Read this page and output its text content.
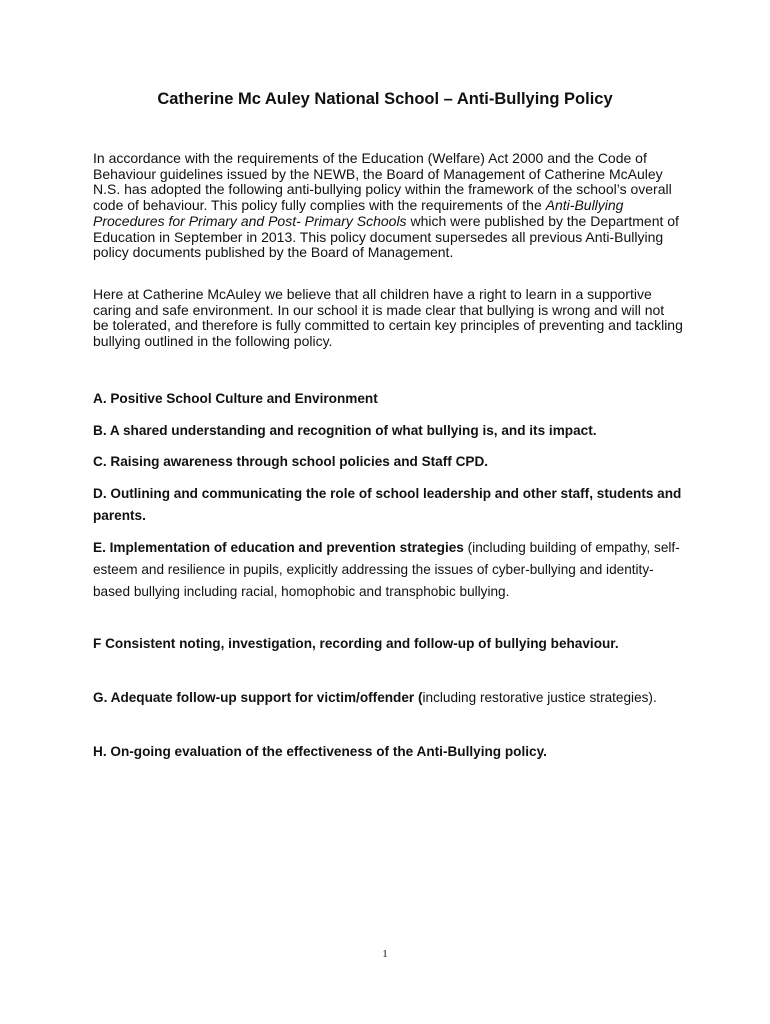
Catherine Mc Auley National School – Anti-Bullying Policy

In accordance with the requirements of the Education (Welfare) Act 2000 and the Code of Behaviour guidelines issued by the NEWB, the Board of Management of Catherine McAuley N.S. has adopted the following anti-bullying policy within the framework of the school’s overall code of behaviour. This policy fully complies with the requirements of the Anti-Bullying Procedures for Primary and Post- Primary Schools which were published by the Department of Education in September in 2013. This policy document supersedes all previous Anti-Bullying policy documents published by the Board of Management.

Here at Catherine McAuley we believe that all children have a right to learn in a supportive caring and safe environment. In our school it is made clear that bullying is wrong and will not be tolerated, and therefore is fully committed to certain key principles of preventing and tackling bullying outlined in the following policy.

A. Positive School Culture and Environment

B. A shared understanding and recognition of what bullying is, and its impact.

C. Raising awareness through school policies and Staff CPD.

D. Outlining and communicating the role of school leadership and other staff, students and parents.

E. Implementation of education and prevention strategies (including building of empathy, self-esteem and resilience in pupils, explicitly addressing the issues of cyber-bullying and identity-based bullying including racial, homophobic and transphobic bullying.

F Consistent noting, investigation, recording and follow-up of bullying behaviour.

G. Adequate follow-up support for victim/offender (including restorative justice strategies).

H. On-going evaluation of the effectiveness of the Anti-Bullying policy.

1
